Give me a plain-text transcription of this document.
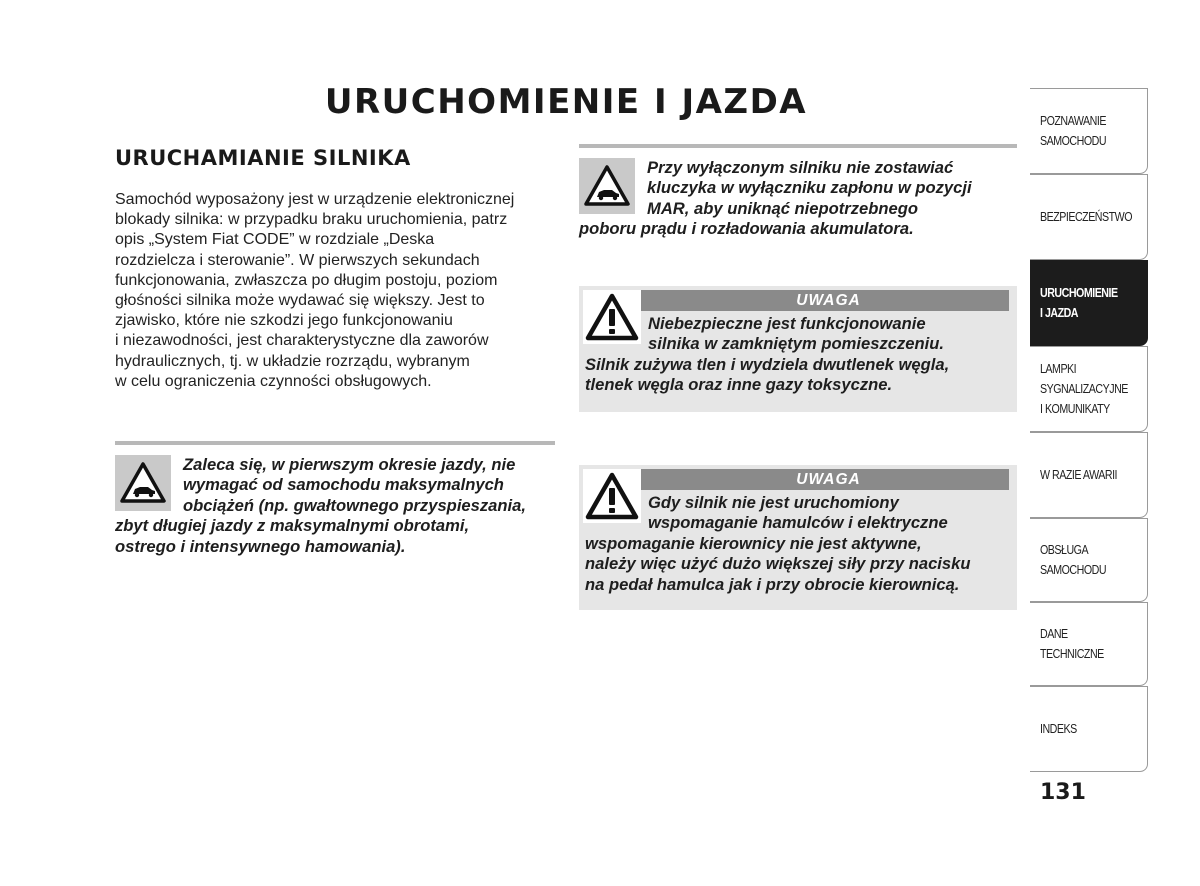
URUCHOMIENIE I JAZDA
URUCHAMIANIE SILNIKA

Samochód wyposażony jest w urządzenie elektronicznej
blokady silnika: w przypadku braku uruchomienia, patrz
opis „System Fiat CODE” w rozdziale „Deska
rozdzielcza i sterowanie”. W pierwszych sekundach
funkcjonowania, zwłaszcza po długim postoju, poziom
głośności silnika może wydawać się większy. Jest to
zjawisko, które nie szkodzi jego funkcjonowaniu
i niezawodności, jest charakterystyczne dla zaworów
hydraulicznych, tj. w układzie rozrządu, wybranym
w celu ograniczenia czynności obsługowych.

Zaleca się, w pierwszym okresie jazdy, nie
wymagać od samochodu maksymalnych
obciążeń (np. gwałtownego przyspieszania,
zbyt długiej jazdy z maksymalnymi obrotami,
ostrego i intensywnego hamowania).
Przy wyłączonym silniku nie zostawiać
kluczyka w wyłączniku zapłonu w pozycji
MAR, aby uniknąć niepotrzebnego
poboru prądu i rozładowania akumulatora.
UWAGA
Niebezpieczne jest funkcjonowanie
silnika w zamkniętym pomieszczeniu.
Silnik zużywa tlen i wydziela dwutlenek węgla,
tlenek węgla oraz inne gazy toksyczne.
UWAGA
Gdy silnik nie jest uruchomiony
wspomaganie hamulców i elektryczne
wspomaganie kierownicy nie jest aktywne,
należy więc użyć dużo większej siły przy nacisku
na pedał hamulca jak i przy obrocie kierownicą.
POZNAWANIE
SAMOCHODU
BEZPIECZEŃSTWO
URUCHOMIENIE
I JAZDA
LAMPKI
SYGNALIZACYJNE
I KOMUNIKATY
W RAZIE AWARII
OBSŁUGA
SAMOCHODU
DANE
TECHNICZNE
INDEKS

131
